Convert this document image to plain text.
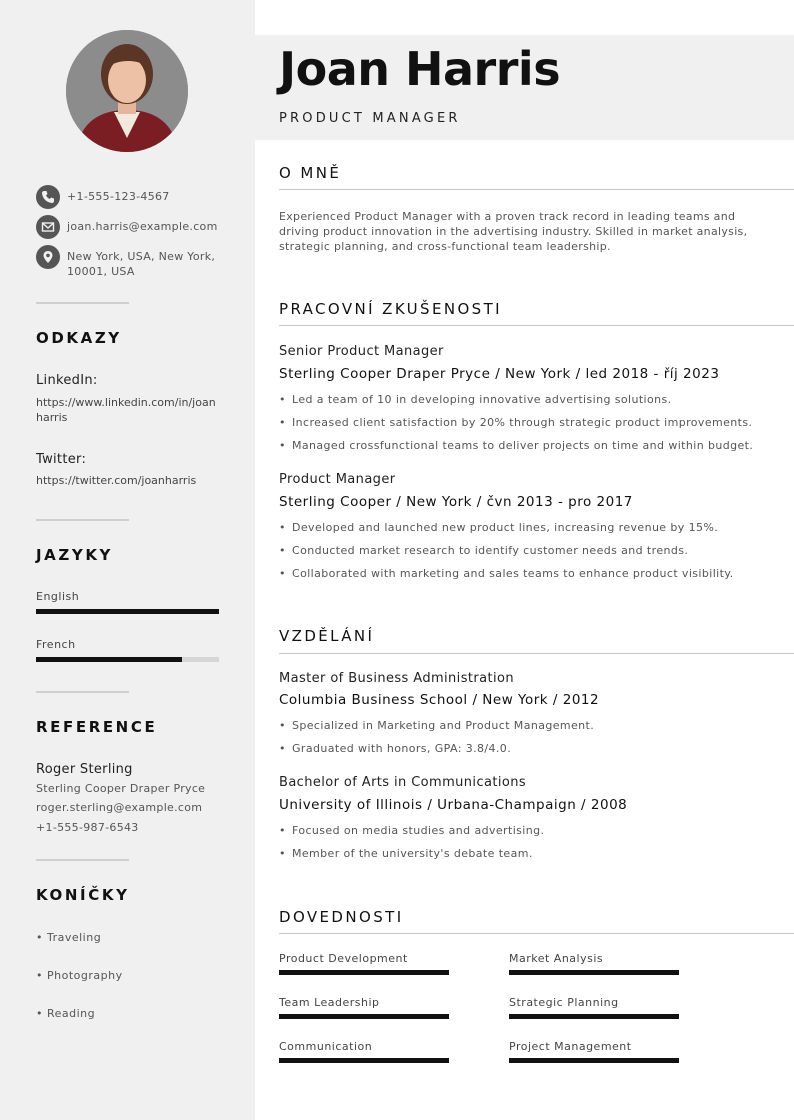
+1-555-123-4567
joan.harris@example.com
New York, USA, New York, 10001, USA
ODKAZY
LinkedIn:
https://www.linkedin.com/in/joanharris
Twitter:
https://twitter.com/joanharris
JAZYKY
English
French
REFERENCE
Roger Sterling
Sterling Cooper Draper Pryce
roger.sterling@example.com
+1-555-987-6543
KONÍČKY
• Traveling
• Photography
• Reading
Joan Harris
PRODUCT MANAGER
O MNĚ
Experienced Product Manager with a proven track record in leading teams and driving product innovation in the advertising industry. Skilled in market analysis, strategic planning, and cross-functional team leadership.
PRACOVNÍ ZKUŠENOSTI
Senior Product Manager
Sterling Cooper Draper Pryce / New York / led 2018 - říj 2023
• Led a team of 10 in developing innovative advertising solutions.
• Increased client satisfaction by 20% through strategic product improvements.
• Managed crossfunctional teams to deliver projects on time and within budget.
Product Manager
Sterling Cooper / New York / čvn 2013 - pro 2017
• Developed and launched new product lines, increasing revenue by 15%.
• Conducted market research to identify customer needs and trends.
• Collaborated with marketing and sales teams to enhance product visibility.
VZDĚLÁNÍ
Master of Business Administration
Columbia Business School / New York / 2012
• Specialized in Marketing and Product Management.
• Graduated with honors, GPA: 3.8/4.0.
Bachelor of Arts in Communications
University of Illinois / Urbana-Champaign / 2008
• Focused on media studies and advertising.
• Member of the university's debate team.
DOVEDNOSTI
Product Development	Market Analysis
Team Leadership	Strategic Planning
Communication	Project Management
